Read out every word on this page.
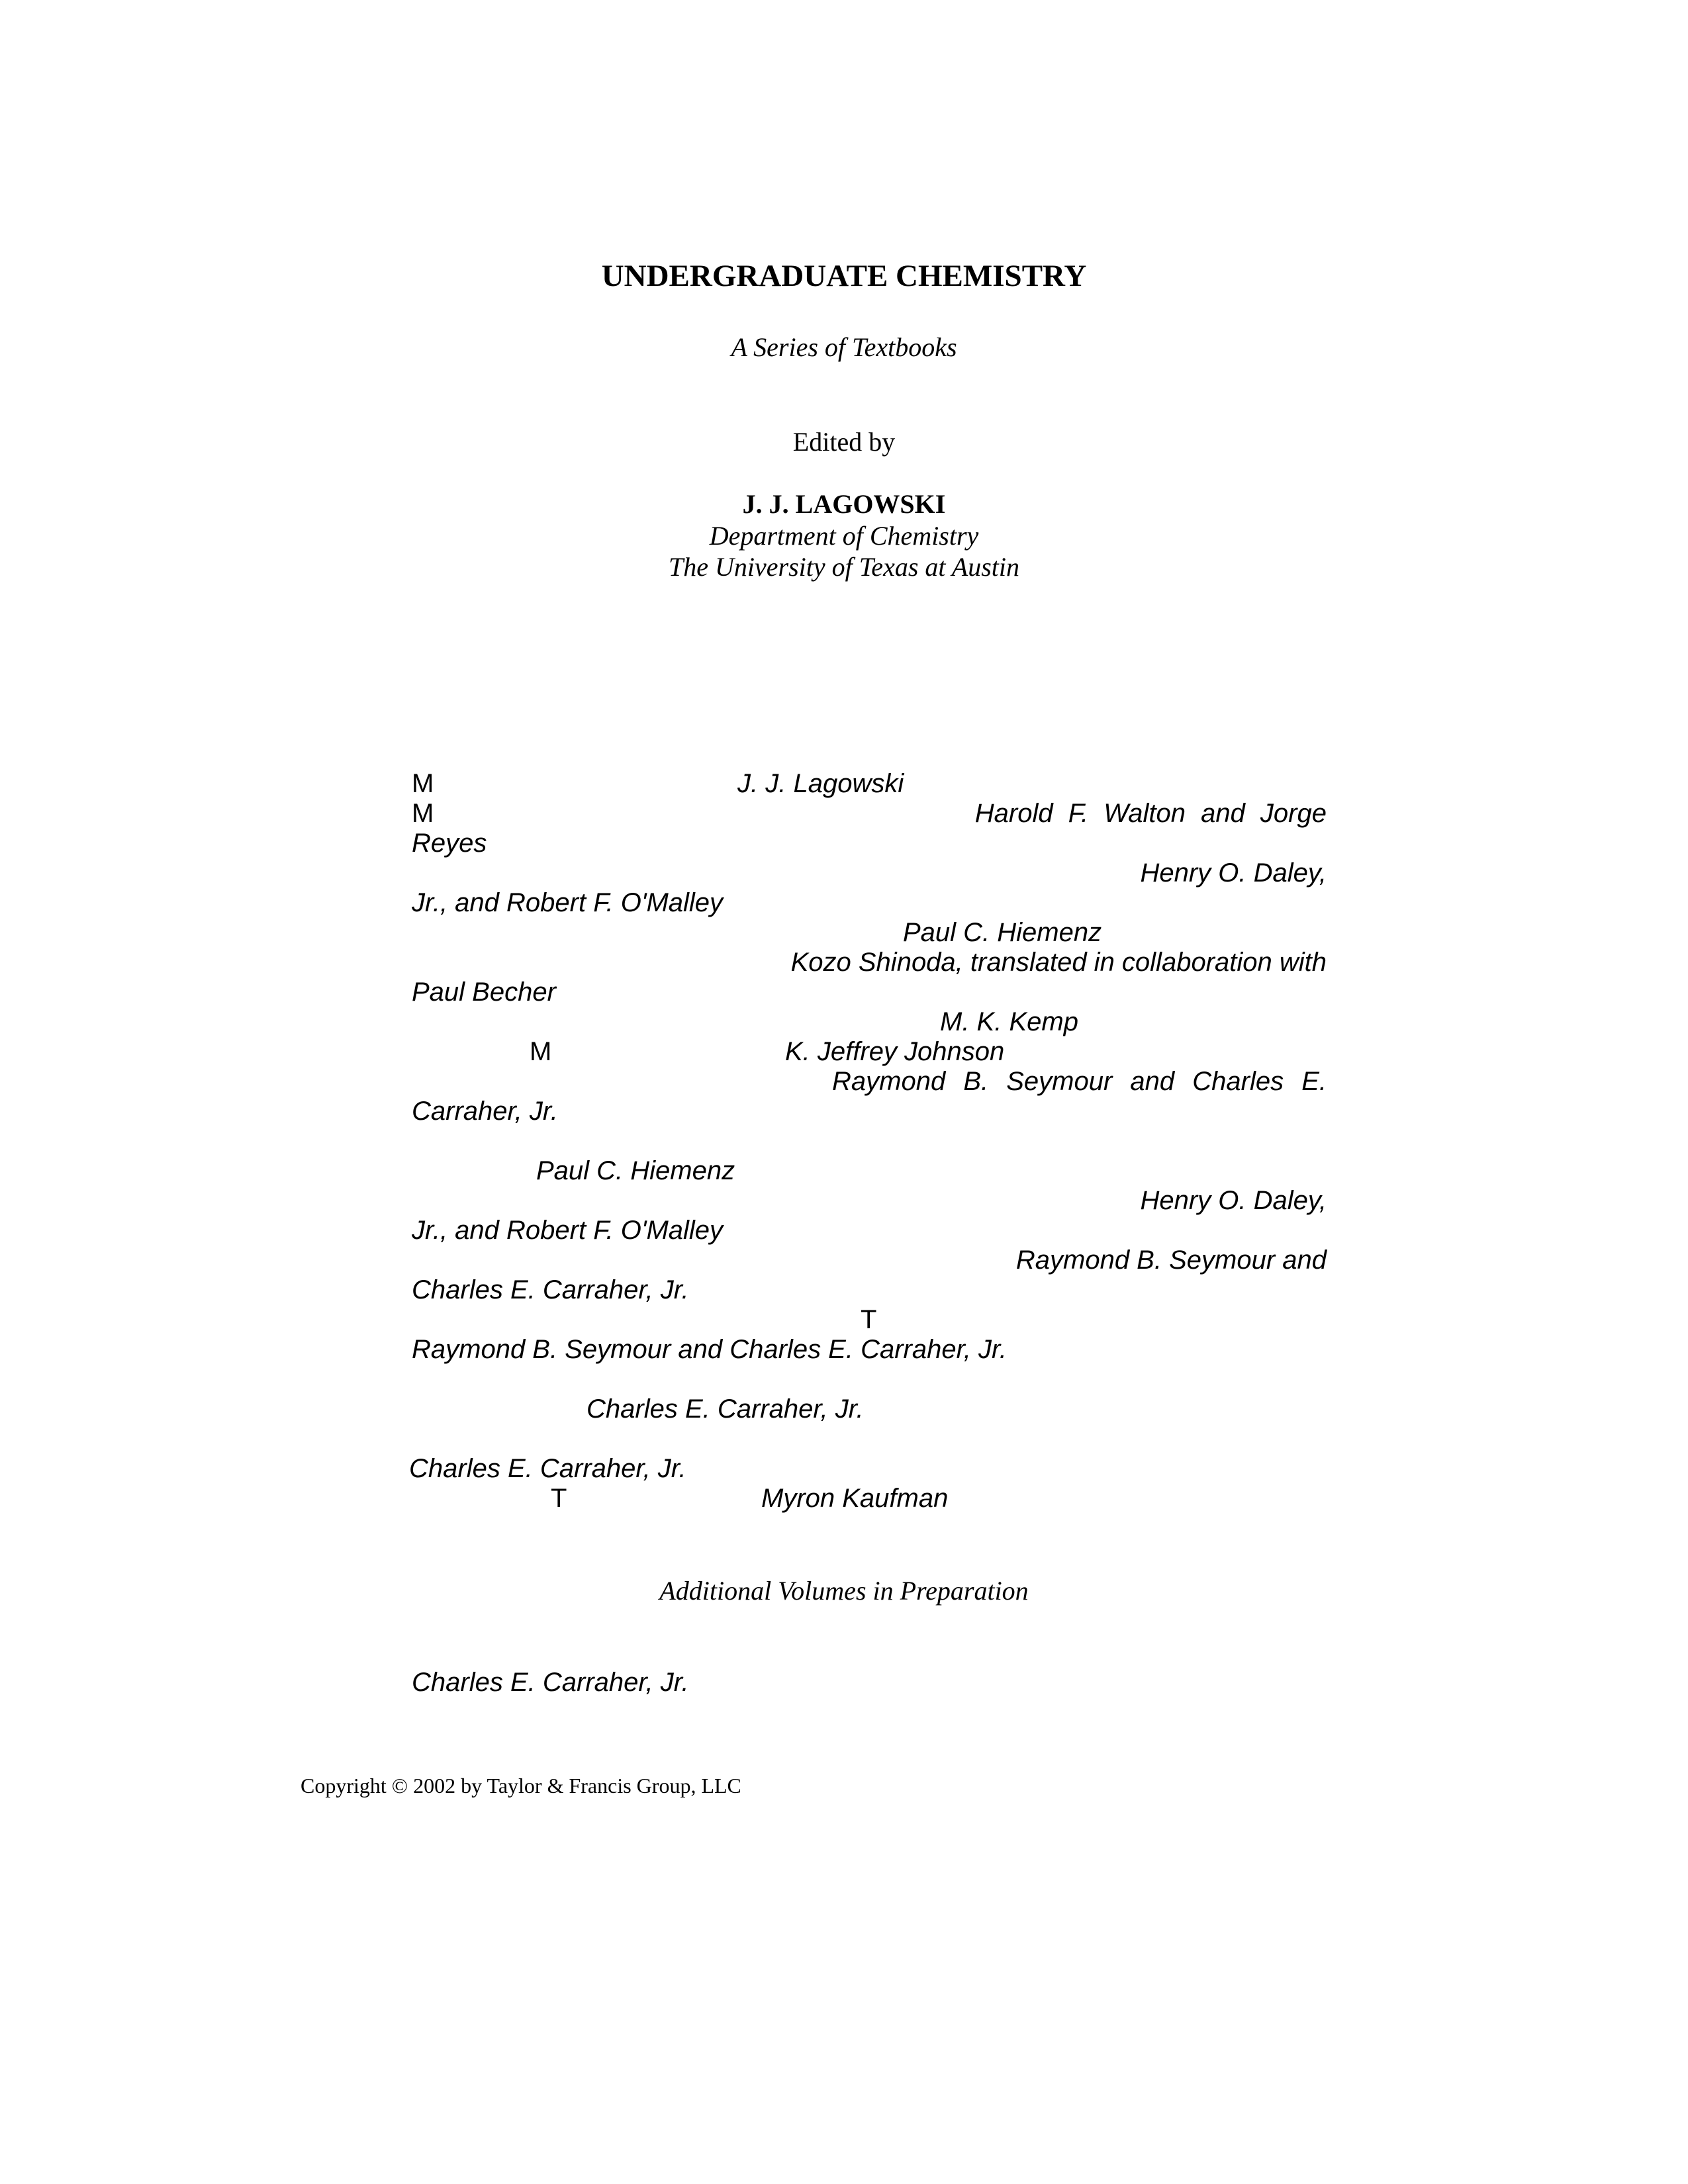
UNDERGRADUATE CHEMISTRY
A Series of Textbooks
Edited by
J. J. LAGOWSKI
Department of Chemistry
The University of Texas at Austin
M	J. J. Lagowski
M	Harold F. Walton and Jorge
Reyes
Henry O. Daley,
Jr., and Robert F. O'Malley
Paul C. Hiemenz
Kozo Shinoda, translated in collaboration with
Paul Becher
M. K. Kemp
M	K. Jeffrey Johnson
Raymond B. Seymour and Charles E.
Carraher, Jr.
Paul C. Hiemenz
Henry O. Daley,
Jr., and Robert F. O'Malley
Raymond B. Seymour and
Charles E. Carraher, Jr.
T
Raymond B. Seymour and Charles E. Carraher, Jr.
Charles E. Carraher, Jr.
Charles E. Carraher, Jr.
T	Myron Kaufman
Additional Volumes in Preparation
Charles E. Carraher, Jr.
Copyright © 2002 by Taylor & Francis Group, LLC
